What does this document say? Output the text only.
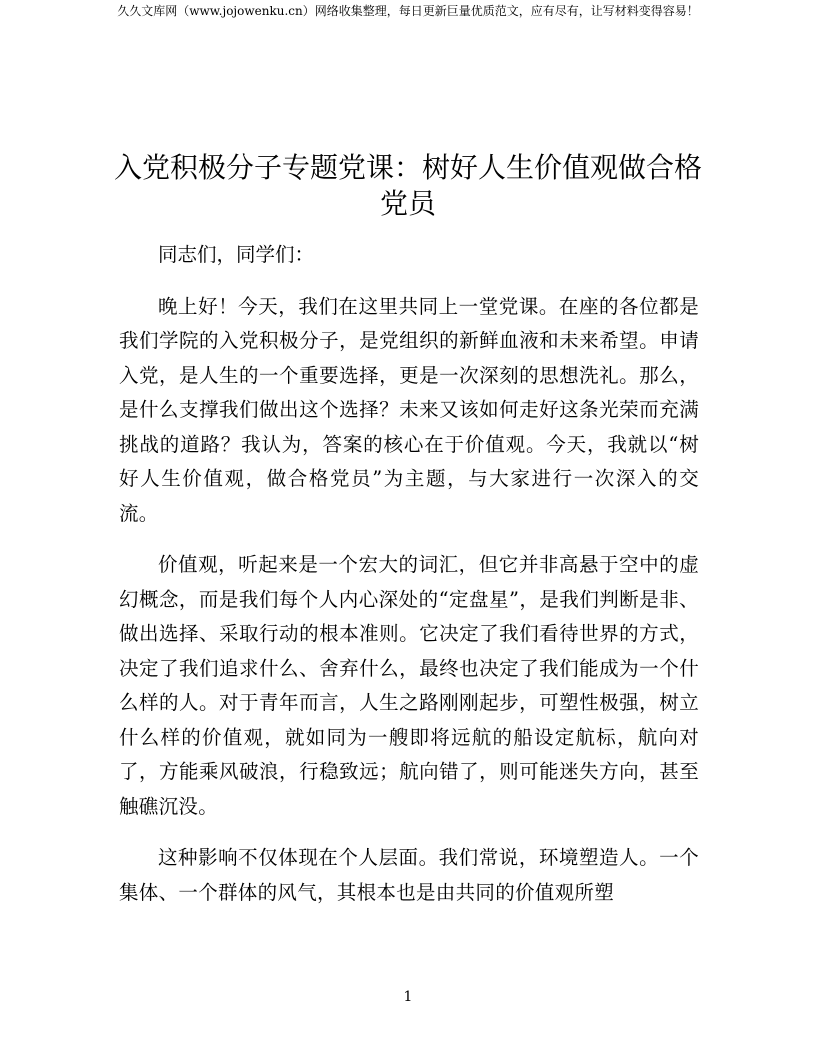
久久文库网（www.jojowenku.cn）网络收集整理，每日更新巨量优质范文，应有尽有，让写材料变得容易！
入党积极分子专题党课：树好人生价值观做合格党员

同志们，同学们：

晚上好！今天，我们在这里共同上一堂党课。在座的各位都是我们学院的入党积极分子，是党组织的新鲜血液和未来希望。申请入党，是人生的一个重要选择，更是一次深刻的思想洗礼。那么，是什么支撑我们做出这个选择？未来又该如何走好这条光荣而充满挑战的道路？我认为，答案的核心在于价值观。今天，我就以“树好人生价值观，做合格党员”为主题，与大家进行一次深入的交流。

价值观，听起来是一个宏大的词汇，但它并非高悬于空中的虚幻概念，而是我们每个人内心深处的“定盘星”，是我们判断是非、做出选择、采取行动的根本准则。它决定了我们看待世界的方式，决定了我们追求什么、舍弃什么，最终也决定了我们能成为一个什么样的人。对于青年而言，人生之路刚刚起步，可塑性极强，树立什么样的价值观，就如同为一艘即将远航的船设定航标，航向对了，方能乘风破浪，行稳致远；航向错了，则可能迷失方向，甚至触礁沉没。

这种影响不仅体现在个人层面。我们常说，环境塑造人。一个集体、一个群体的风气，其根本也是由共同的价值观所塑

1
